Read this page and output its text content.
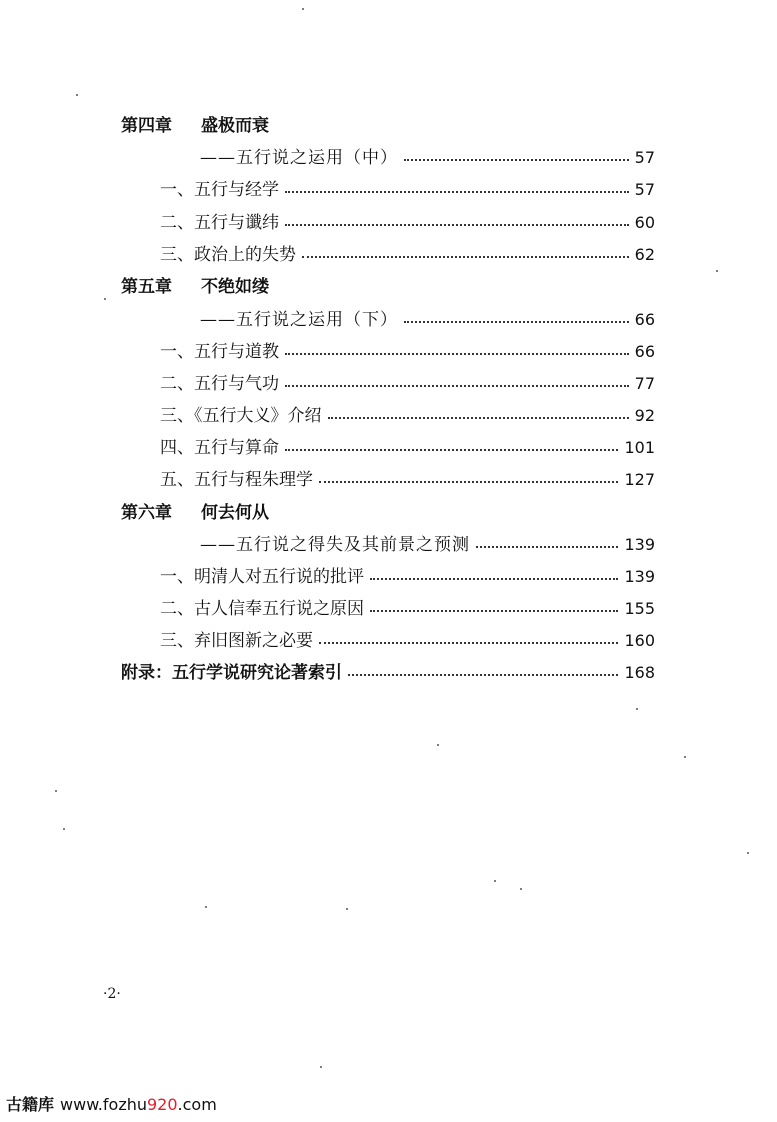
第四章 盛极而衰
——五行说之运用（中）	57
一、五行与经学	57
二、五行与谶纬	60
三、政治上的失势	62
第五章 不绝如缕
——五行说之运用（下）	66
一、五行与道教	66
二、五行与气功	77
三、《五行大义》介绍	92
四、五行与算命	101
五、五行与程朱理学	127
第六章 何去何从
——五行说之得失及其前景之预测	139
一、明清人对五行说的批评	139
二、古人信奉五行说之原因	155
三、弃旧图新之必要	160
附录：五行学说研究论著索引	168
·2·
古籍库 www.fozhu920.com
